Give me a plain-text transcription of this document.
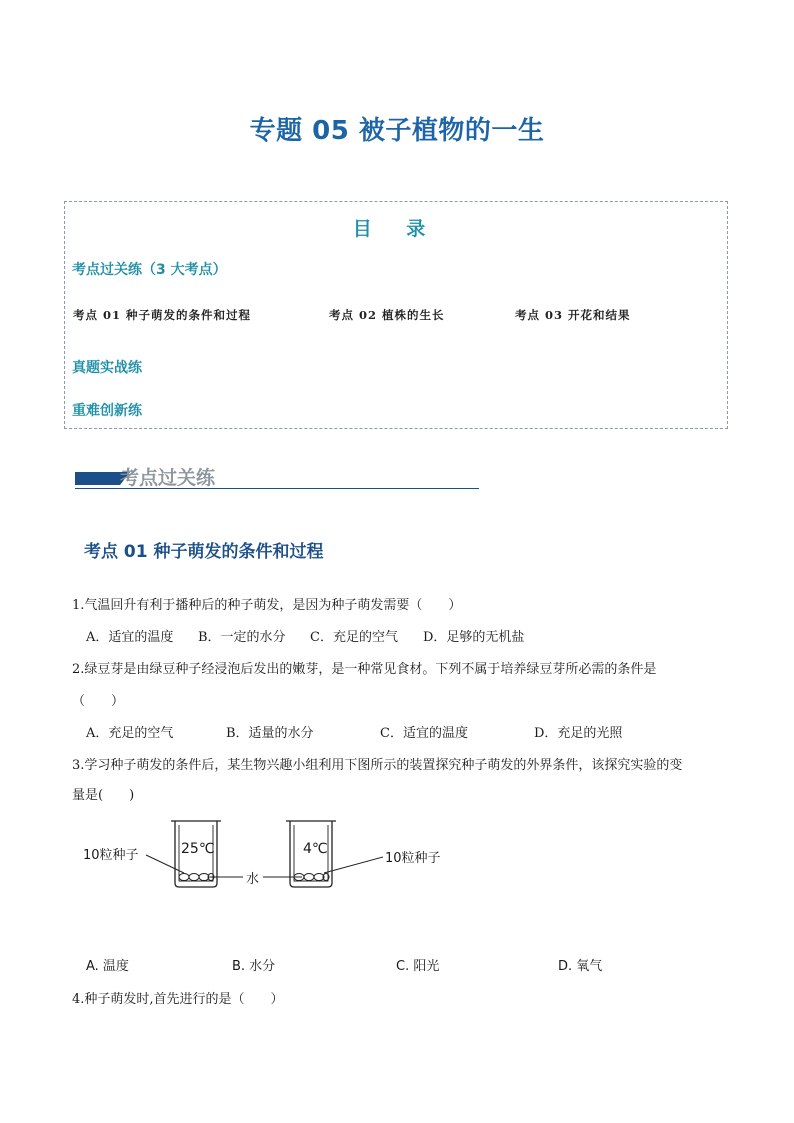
专题 05 被子植物的一生
目 录
考点过关练（3 大考点）
考点 01 种子萌发的条件和过程	考点 02 植株的生长	考点 03 开花和结果
真题实战练
重难创新练
考点过关练
考点 01 种子萌发的条件和过程
1.气温回升有利于播种后的种子萌发，是因为种子萌发需要（　　）
A．适宜的温度 B．一定的水分 C．充足的空气 D．足够的无机盐
2.绿豆芽是由绿豆种子经浸泡后发出的嫩芽，是一种常见食材。下列不属于培养绿豆芽所必需的条件是
（　　）
A．充足的空气	B．适量的水分	C．适宜的温度	D．充足的光照
3.学习种子萌发的条件后，某生物兴趣小组利用下图所示的装置探究种子萌发的外界条件，该探究实验的变
量是(　　)
10粒种子	25℃	4℃
水
10粒种子
A. 温度	B. 水分	C. 阳光	D. 氧气
4.种子萌发时,首先进行的是（　　）
